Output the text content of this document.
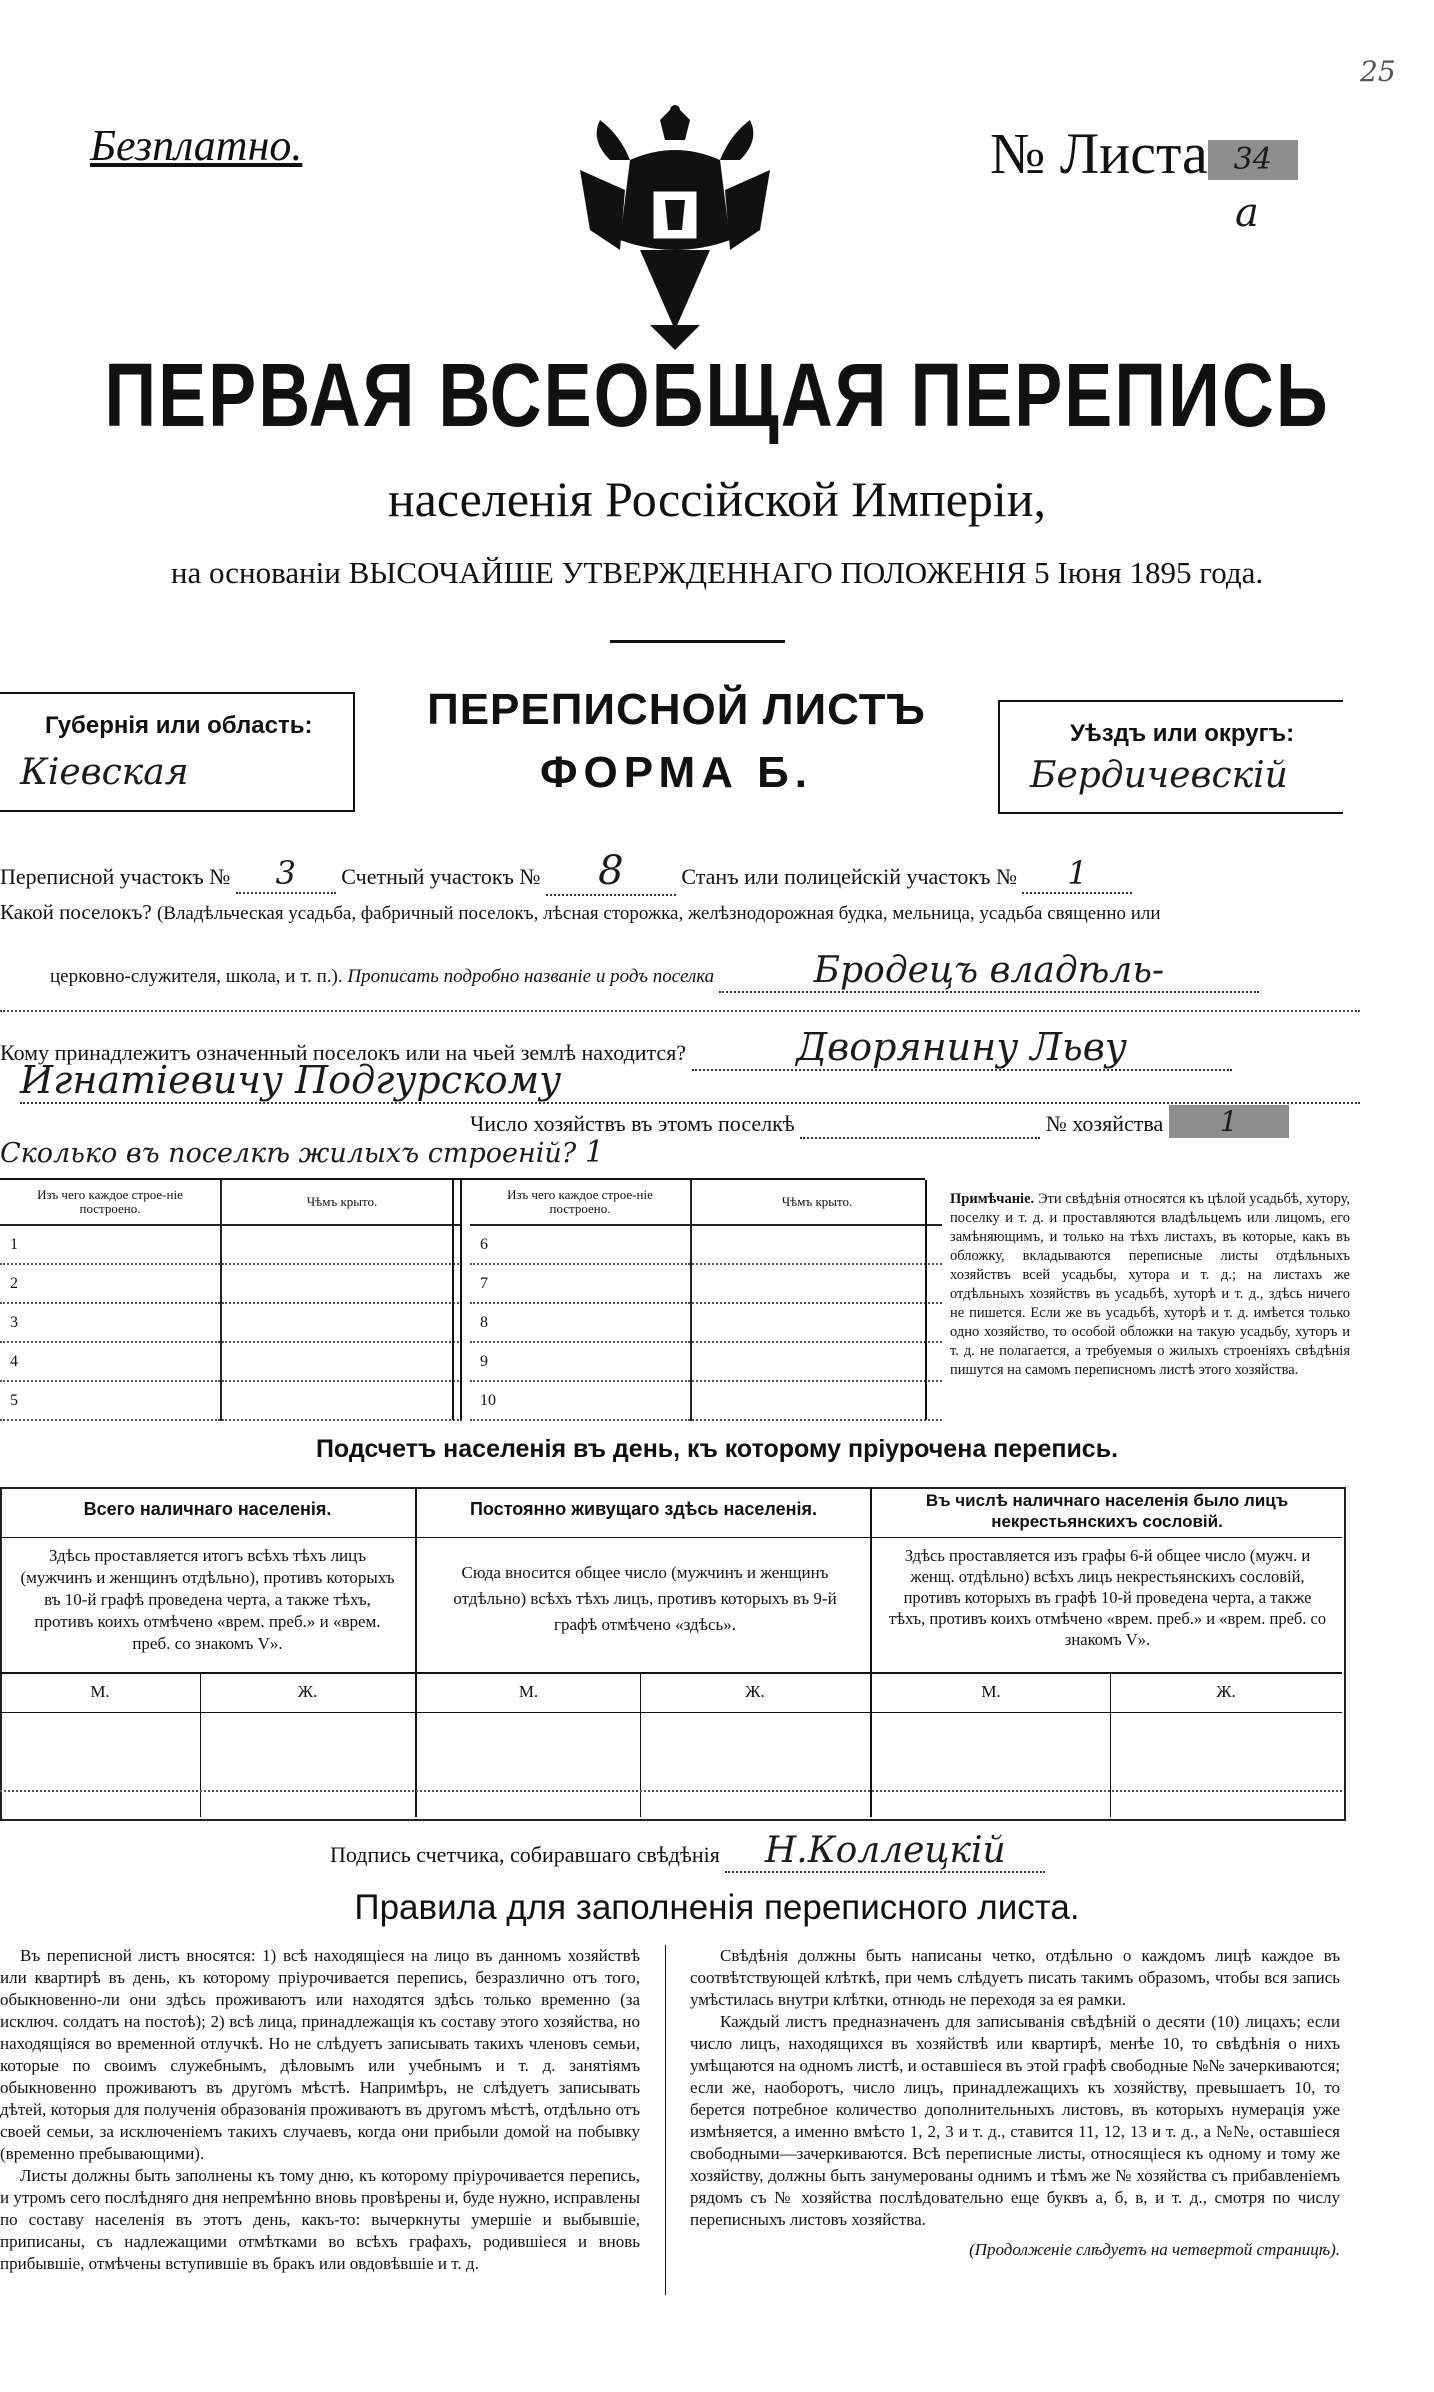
Безплатно.	№ Листа 34
а
25
ПЕРВАЯ ВСЕОБЩАЯ ПЕРЕПИСЬ
населенія Россійской Имперіи,
на основаніи ВЫСОЧАЙШЕ УТВЕРЖДЕННАГО ПОЛОЖЕНІЯ 5 Іюня 1895 года.
Губернія или область:
Кіевская
ПЕРЕПИСНОЙ ЛИСТЪ
ФОРМА Б.
Уѣздъ или округъ:
Бердичевскій
Переписной участокъ № 3 Счетный участокъ № 8	Станъ или полицейскій участокъ № 1
Какой поселокъ? (Владѣльческая усадьба, фабричный поселокъ, лѣсная сторожка, желѣзнодорожная будка, мельница, усадьба священно или
церковно-служителя, школа, и т. п.). Прописать подробно названіе и родъ поселка	Бродецъ владѣль-
Кому принадлежитъ означенный поселокъ или на чьей землѣ находится?	Дворянину Льву
Игнатіевичу Подгурскому
Число хозяйствъ въ этомъ поселкѣ	№ хозяйства 1
Сколько въ поселкѣ жилыхъ строеній? 1
Изъ чего каждое строе-ніе построено.	Чѣмъ крыто.
1	
2	
3	
4	
5	
Изъ чего каждое строе-ніе построено.	Чѣмъ крыто.
6	
7	
8	
9	
10	
Примѣчаніе. Эти свѣдѣнія относятся къ цѣлой усадьбѣ, хутору, поселку и т. д. и проставляются владѣльцемъ или лицомъ, его замѣняющимъ, и только на тѣхъ листахъ, въ которые, какъ въ обложку, вкладываются переписные листы отдѣльныхъ хозяйствъ всей усадьбы, хутора и т. д.; на листахъ же отдѣльныхъ хозяйствъ въ усадьбѣ, хуторѣ и т. д., здѣсь ничего не пишется. Если же въ усадьбѣ, хуторѣ и т. д. имѣется только одно хозяйство, то особой обложки на такую усадьбу, хуторъ и т. д. не полагается, а требуемыя о жилыхъ строеніяхъ свѣдѣнія пишутся на самомъ переписномъ листѣ этого хозяйства.
Подсчетъ населенія въ день, къ которому пріурочена перепись.
Всего наличнаго населенія.
Здѣсь проставляется итогъ всѣхъ тѣхъ лицъ (мужчинъ и женщинъ отдѣльно), противъ которыхъ въ 10-й графѣ проведена черта, а также тѣхъ, противъ коихъ отмѣчено «врем. преб.» и «врем. преб. со знакомъ V».
Постоянно живущаго здѣсь населенія.
Сюда вносится общее число (мужчинъ и женщинъ отдѣльно) всѣхъ тѣхъ лицъ, противъ которыхъ въ 9-й графѣ отмѣчено «здѣсь».
Въ числѣ наличнаго населенія было лицъ некрестьянскихъ сословій.
Здѣсь проставляется изъ графы 6-й общее число (мужч. и женщ. отдѣльно) всѣхъ лицъ некрестьянскихъ сословій, противъ которыхъ въ графѣ 10-й проведена черта, а также тѣхъ, противъ коихъ отмѣчено «врем. преб.» и «врем. преб. со знакомъ V».
М.	Ж.	М.	Ж.	М.	Ж.
Подпись счетчика, собиравшаго свѣдѣнія Н.Коллецкій
Правила для заполненія переписного листа.

Въ переписной листъ вносятся: 1) всѣ находящіеся на лицо въ данномъ хозяйствѣ или квартирѣ въ день, къ которому пріурочивается перепись, безразлично отъ того, обыкновенно-ли они здѣсь проживаютъ или находятся здѣсь только временно (за исключ. солдатъ на постоѣ); 2) всѣ лица, принадлежащія къ составу этого хозяйства, но находящіяся во временной отлучкѣ. Но не слѣдуетъ записывать такихъ членовъ семьи, которые по своимъ служебнымъ, дѣловымъ или учебнымъ и т. д. занятіямъ обыкновенно проживаютъ въ другомъ мѣстѣ. Напримѣръ, не слѣдуетъ записывать дѣтей, которыя для полученія образованія проживаютъ въ другомъ мѣстѣ, отдѣльно отъ своей семьи, за исключеніемъ такихъ случаевъ, когда они прибыли домой на побывку (временно пребывающими).

Листы должны быть заполнены къ тому дню, къ которому пріурочивается перепись, и утромъ сего послѣдняго дня непремѣнно вновь провѣрены и, буде нужно, исправлены по составу населенія въ этотъ день, какъ-то: вычеркнуты умершіе и выбывшіе, приписаны, съ надлежащими отмѣтками во всѣхъ графахъ, родившіеся и вновь прибывшіе, отмѣчены вступившіе въ бракъ или овдовѣвшіе и т. д.

Свѣдѣнія должны быть написаны четко, отдѣльно о каждомъ лицѣ каждое въ соотвѣтствующей клѣткѣ, при чемъ слѣдуетъ писать такимъ образомъ, чтобы вся запись умѣстилась внутри клѣтки, отнюдь не переходя за ея рамки.

Каждый листъ предназначенъ для записыванія свѣдѣній о десяти (10) лицахъ; если число лицъ, находящихся въ хозяйствѣ или квартирѣ, менѣе 10, то свѣдѣнія о нихъ умѣщаются на одномъ листѣ, и оставшіеся въ этой графѣ свободные №№ зачеркиваются; если же, наоборотъ, число лицъ, принадлежащихъ къ хозяйству, превышаетъ 10, то берется потребное количество дополнительныхъ листовъ, въ которыхъ нумерація уже измѣняется, а именно вмѣсто 1, 2, 3 и т. д., ставится 11, 12, 13 и т. д., а №№, оставшіеся свободными—зачеркиваются. Всѣ переписные листы, относящіеся къ одному и тому же хозяйству, должны быть занумерованы однимъ и тѣмъ же № хозяйства съ прибавленіемъ рядомъ съ № хозяйства послѣдовательно еще буквъ а, б, в, и т. д., смотря по числу переписныхъ листовъ хозяйства.

(Продолженіе слѣдуетъ на четвертой страницѣ).
